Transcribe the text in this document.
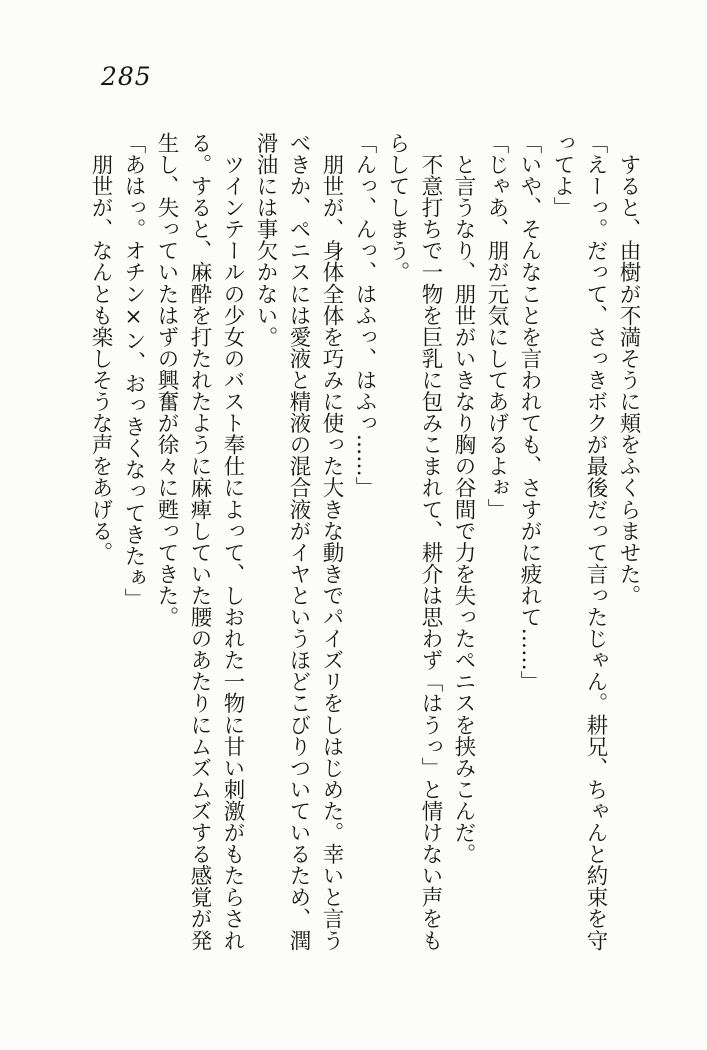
285

　すると、由樹が不満そうに頬をふくらませた。

「えーっ。だって、さっきボクが最後だって言ったじゃん。耕兄、ちゃんと約束を守

ってよ」

「いや、そんなことを言われても、さすがに疲れて……」

「じゃあ、朋が元気にしてあげるよぉ」

　と言うなり、朋世がいきなり胸の谷間で力を失ったペニスを挟みこんだ。

　不意打ちで一物を巨乳に包みこまれて、耕介は思わず「はうっ」と情けない声をも

らしてしまう。

「んっ、んっ、はふっ、はふっ……」

　朋世が、身体全体を巧みに使った大きな動きでパイズリをしはじめた。幸いと言う

べきか、ペニスには愛液と精液の混合液がイヤというほどこびりついているため、潤

滑油には事欠かない。

　ツインテールの少女のバスト奉仕によって、しおれた一物に甘い刺激がもたらされ

る。すると、麻酔を打たれたように麻痺していた腰のあたりにムズムズする感覚が発

生し、失っていたはずの興奮が徐々に甦ってきた。

「あはっ。オチン×ン、おっきくなってきたぁ」

　朋世が、なんとも楽しそうな声をあげる。
